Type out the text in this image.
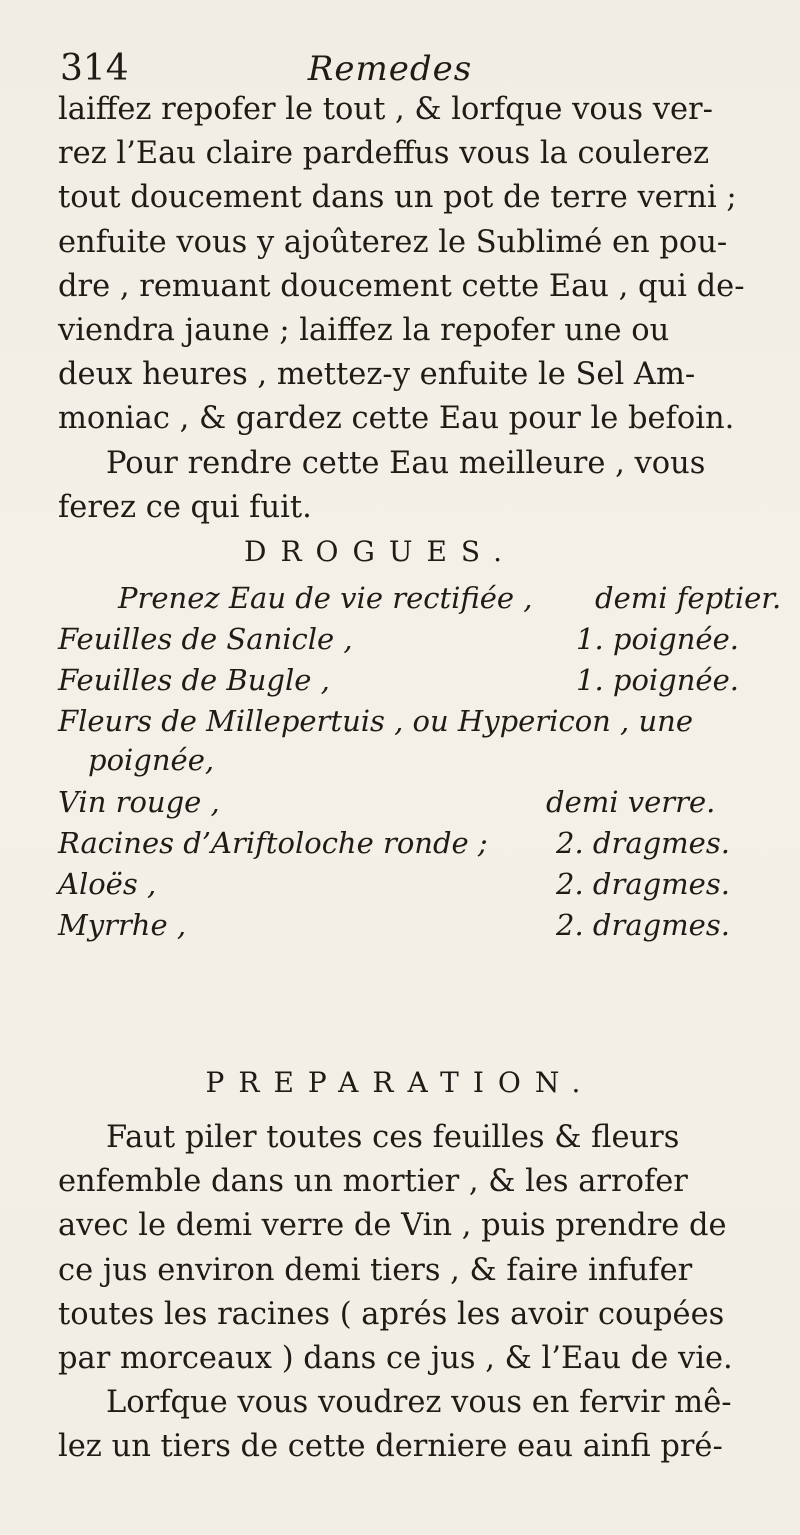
314	Remedes
laiffez repofer le tout , & lorfque vous ver-
rez l’Eau claire pardeffus vous la coulerez
tout doucement dans un pot de terre verni ;
enfuite vous y ajoûterez le Sublimé en pou-
dre , remuant doucement cette Eau , qui de-
viendra jaune ; laiffez la repofer une ou
deux heures , mettez-y enfuite le Sel Am-
moniac , & gardez cette Eau pour le befoin.
Pour rendre cette Eau meilleure , vous
ferez ce qui fuit.
DROGUES.
Prenez Eau de vie rectifiée , demi feptier.
Feuilles de Sanicle ,	1. poignée.
Feuilles de Bugle ,	1. poignée.
Fleurs de Millepertuis , ou Hypericon , une
poignée,
Vin rouge ,	demi verre.
Racines d’Ariftoloche ronde ; 2. dragmes.
Aloës ,	2. dragmes.
Myrrhe ,	2. dragmes.
PREPARATION.
Faut piler toutes ces feuilles & fleurs
enfemble dans un mortier , & les arrofer
avec le demi verre de Vin , puis prendre de
ce jus environ demi tiers , & faire infufer
toutes les racines ( aprés les avoir coupées
par morceaux ) dans ce jus , & l’Eau de vie.
Lorfque vous voudrez vous en fervir mê-
lez un tiers de cette derniere eau ainfi pré-
